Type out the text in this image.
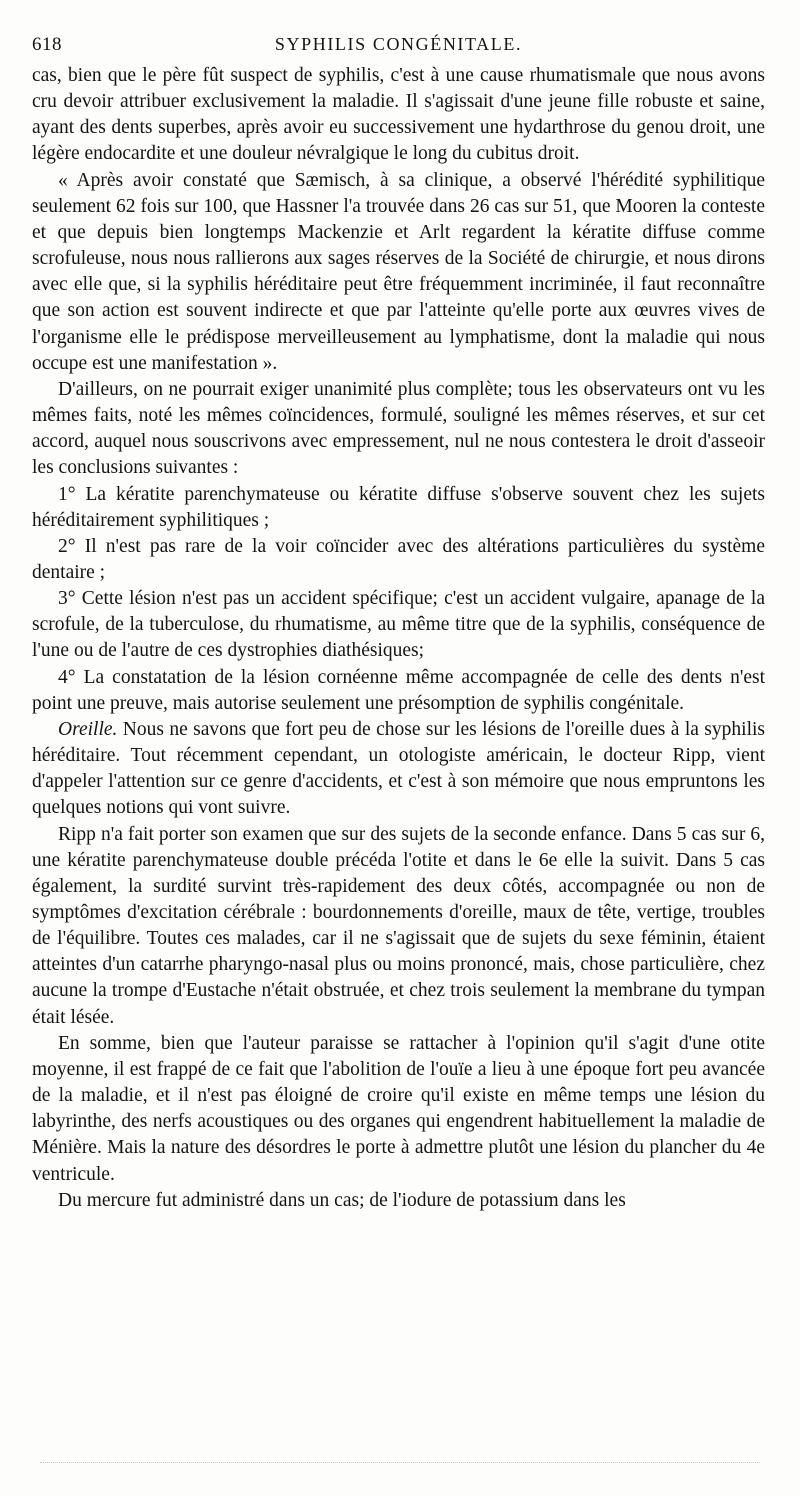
618	SYPHILIS CONGÉNITALE.

cas, bien que le père fût suspect de syphilis, c'est à une cause rhumatismale que nous avons cru devoir attribuer exclusivement la maladie. Il s'agissait d'une jeune fille robuste et saine, ayant des dents superbes, après avoir eu successivement une hydarthrose du genou droit, une légère endocardite et une douleur névralgique le long du cubitus droit.

« Après avoir constaté que Sæmisch, à sa clinique, a observé l'hérédité syphilitique seulement 62 fois sur 100, que Hassner l'a trouvée dans 26 cas sur 51, que Mooren la conteste et que depuis bien longtemps Mackenzie et Arlt regardent la kératite diffuse comme scrofuleuse, nous nous rallierons aux sages réserves de la Société de chirurgie, et nous dirons avec elle que, si la syphilis héréditaire peut être fréquemment incriminée, il faut reconnaître que son action est souvent indirecte et que par l'atteinte qu'elle porte aux œuvres vives de l'organisme elle le prédispose merveilleusement au lymphatisme, dont la maladie qui nous occupe est une manifestation ».

D'ailleurs, on ne pourrait exiger unanimité plus complète; tous les observateurs ont vu les mêmes faits, noté les mêmes coïncidences, formulé, souligné les mêmes réserves, et sur cet accord, auquel nous souscrivons avec empressement, nul ne nous contestera le droit d'asseoir les conclusions suivantes :

1° La kératite parenchymateuse ou kératite diffuse s'observe souvent chez les sujets héréditairement syphilitiques ;

2° Il n'est pas rare de la voir coïncider avec des altérations particulières du système dentaire ;

3° Cette lésion n'est pas un accident spécifique; c'est un accident vulgaire, apanage de la scrofule, de la tuberculose, du rhumatisme, au même titre que de la syphilis, conséquence de l'une ou de l'autre de ces dystrophies diathésiques;

4° La constatation de la lésion cornéenne même accompagnée de celle des dents n'est point une preuve, mais autorise seulement une présomption de syphilis congénitale.

Oreille. Nous ne savons que fort peu de chose sur les lésions de l'oreille dues à la syphilis héréditaire. Tout récemment cependant, un otologiste américain, le docteur Ripp, vient d'appeler l'attention sur ce genre d'accidents, et c'est à son mémoire que nous empruntons les quelques notions qui vont suivre.

Ripp n'a fait porter son examen que sur des sujets de la seconde enfance. Dans 5 cas sur 6, une kératite parenchymateuse double précéda l'otite et dans le 6e elle la suivit. Dans 5 cas également, la surdité survint très-rapidement des deux côtés, accompagnée ou non de symptômes d'excitation cérébrale : bourdonnements d'oreille, maux de tête, vertige, troubles de l'équilibre. Toutes ces malades, car il ne s'agissait que de sujets du sexe féminin, étaient atteintes d'un catarrhe pharyngo-nasal plus ou moins prononcé, mais, chose particulière, chez aucune la trompe d'Eustache n'était obstruée, et chez trois seulement la membrane du tympan était lésée.

En somme, bien que l'auteur paraisse se rattacher à l'opinion qu'il s'agit d'une otite moyenne, il est frappé de ce fait que l'abolition de l'ouïe a lieu à une époque fort peu avancée de la maladie, et il n'est pas éloigné de croire qu'il existe en même temps une lésion du labyrinthe, des nerfs acoustiques ou des organes qui engendrent habituellement la maladie de Ménière. Mais la nature des désordres le porte à admettre plutôt une lésion du plancher du 4e ventricule.

Du mercure fut administré dans un cas; de l'iodure de potassium dans les
